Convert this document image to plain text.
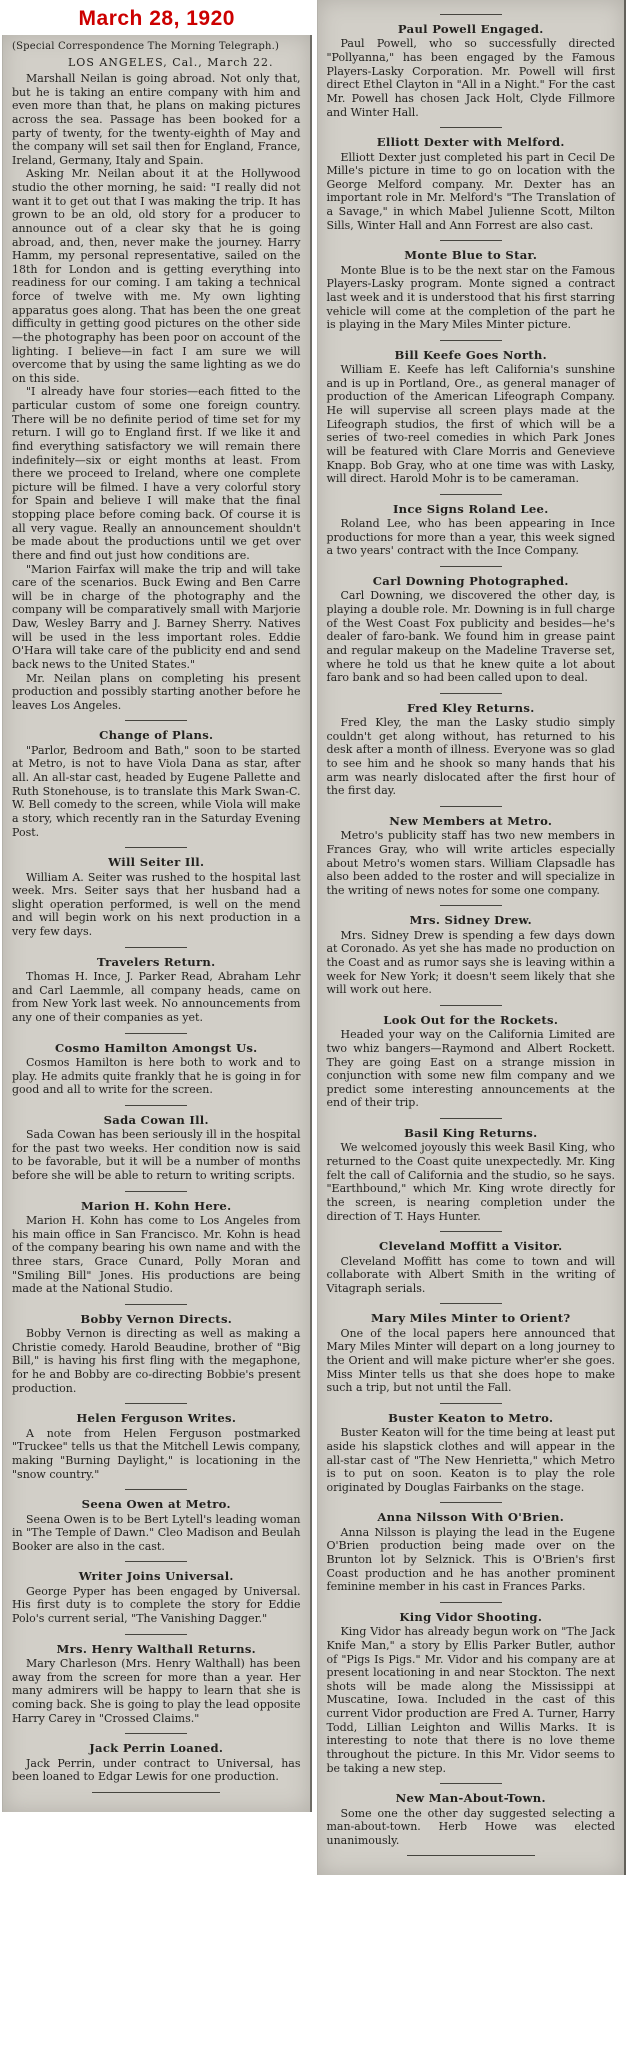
March 28, 1920

(Special Correspondence The Morning Telegraph.)

LOS ANGELES, Cal., March 22.

Marshall Neilan is going abroad. Not only that, but he is taking an entire company with him and even more than that, he plans on making pictures across the sea. Passage has been booked for a party of twenty, for the twenty-eighth of May and the company will set sail then for England, France, Ireland, Germany, Italy and Spain.

Asking Mr. Neilan about it at the Hollywood studio the other morning, he said: "I really did not want it to get out that I was making the trip. It has grown to be an old, old story for a producer to announce out of a clear sky that he is going abroad, and, then, never make the journey. Harry Hamm, my personal representative, sailed on the 18th for London and is getting everything into readiness for our coming. I am taking a technical force of twelve with me. My own lighting apparatus goes along. That has been the one great difficulty in getting good pictures on the other side—the photography has been poor on account of the lighting. I believe—in fact I am sure we will overcome that by using the same lighting as we do on this side.

"I already have four stories—each fitted to the particular custom of some one foreign country. There will be no definite period of time set for my return. I will go to England first. If we like it and find everything satisfactory we will remain there indefinitely—six or eight months at least. From there we proceed to Ireland, where one complete picture will be filmed. I have a very colorful story for Spain and believe I will make that the final stopping place before coming back. Of course it is all very vague. Really an announcement shouldn't be made about the productions until we get over there and find out just how conditions are.

"Marion Fairfax will make the trip and will take care of the scenarios. Buck Ewing and Ben Carre will be in charge of the photography and the company will be comparatively small with Marjorie Daw, Wesley Barry and J. Barney Sherry. Natives will be used in the less important roles. Eddie O'Hara will take care of the publicity end and send back news to the United States."

Mr. Neilan plans on completing his present production and possibly starting another before he leaves Los Angeles.

Change of Plans.

"Parlor, Bedroom and Bath," soon to be started at Metro, is not to have Viola Dana as star, after all. An all-star cast, headed by Eugene Pallette and Ruth Stonehouse, is to translate this Mark Swan-C. W. Bell comedy to the screen, while Viola will make a story, which recently ran in the Saturday Evening Post.

Will Seiter Ill.

William A. Seiter was rushed to the hospital last week. Mrs. Seiter says that her husband had a slight operation performed, is well on the mend and will begin work on his next production in a very few days.

Travelers Return.

Thomas H. Ince, J. Parker Read, Abraham Lehr and Carl Laemmle, all company heads, came on from New York last week. No announcements from any one of their companies as yet.

Cosmo Hamilton Amongst Us.

Cosmos Hamilton is here both to work and to play. He admits quite frankly that he is going in for good and all to write for the screen.

Sada Cowan Ill.

Sada Cowan has been seriously ill in the hospital for the past two weeks. Her condition now is said to be favorable, but it will be a number of months before she will be able to return to writing scripts.

Marion H. Kohn Here.

Marion H. Kohn has come to Los Angeles from his main office in San Francisco. Mr. Kohn is head of the company bearing his own name and with the three stars, Grace Cunard, Polly Moran and "Smiling Bill" Jones. His productions are being made at the National Studio.

Bobby Vernon Directs.

Bobby Vernon is directing as well as making a Christie comedy. Harold Beaudine, brother of "Big Bill," is having his first fling with the megaphone, for he and Bobby are co-directing Bobbie's present production.

Helen Ferguson Writes.

A note from Helen Ferguson postmarked "Truckee" tells us that the Mitchell Lewis company, making "Burning Daylight," is locationing in the "snow country."

Seena Owen at Metro.

Seena Owen is to be Bert Lytell's leading woman in "The Temple of Dawn." Cleo Madison and Beulah Booker are also in the cast.

Writer Joins Universal.

George Pyper has been engaged by Universal. His first duty is to complete the story for Eddie Polo's current serial, "The Vanishing Dagger."

Mrs. Henry Walthall Returns.

Mary Charleson (Mrs. Henry Walthall) has been away from the screen for more than a year. Her many admirers will be happy to learn that she is coming back. She is going to play the lead opposite Harry Carey in "Crossed Claims."

Jack Perrin Loaned.

Jack Perrin, under contract to Universal, has been loaned to Edgar Lewis for one production.

Paul Powell Engaged.

Paul Powell, who so successfully directed "Pollyanna," has been engaged by the Famous Players-Lasky Corporation. Mr. Powell will first direct Ethel Clayton in "All in a Night." For the cast Mr. Powell has chosen Jack Holt, Clyde Fillmore and Winter Hall.

Elliott Dexter with Melford.

Elliott Dexter just completed his part in Cecil De Mille's picture in time to go on location with the George Melford company. Mr. Dexter has an important role in Mr. Melford's "The Translation of a Savage," in which Mabel Julienne Scott, Milton Sills, Winter Hall and Ann Forrest are also cast.

Monte Blue to Star.

Monte Blue is to be the next star on the Famous Players-Lasky program. Monte signed a contract last week and it is understood that his first starring vehicle will come at the completion of the part he is playing in the Mary Miles Minter picture.

Bill Keefe Goes North.

William E. Keefe has left California's sunshine and is up in Portland, Ore., as general manager of production of the American Lifeograph Company. He will supervise all screen plays made at the Lifeograph studios, the first of which will be a series of two-reel comedies in which Park Jones will be featured with Clare Morris and Genevieve Knapp. Bob Gray, who at one time was with Lasky, will direct. Harold Mohr is to be cameraman.

Ince Signs Roland Lee.

Roland Lee, who has been appearing in Ince productions for more than a year, this week signed a two years' contract with the Ince Company.

Carl Downing Photographed.

Carl Downing, we discovered the other day, is playing a double role. Mr. Downing is in full charge of the West Coast Fox publicity and besides—he's dealer of faro-bank. We found him in grease paint and regular makeup on the Madeline Traverse set, where he told us that he knew quite a lot about faro bank and so had been called upon to deal.

Fred Kley Returns.

Fred Kley, the man the Lasky studio simply couldn't get along without, has returned to his desk after a month of illness. Everyone was so glad to see him and he shook so many hands that his arm was nearly dislocated after the first hour of the first day.

New Members at Metro.

Metro's publicity staff has two new members in Frances Gray, who will write articles especially about Metro's women stars. William Clapsadle has also been added to the roster and will specialize in the writing of news notes for some one company.

Mrs. Sidney Drew.

Mrs. Sidney Drew is spending a few days down at Coronado. As yet she has made no production on the Coast and as rumor says she is leaving within a week for New York; it doesn't seem likely that she will work out here.

Look Out for the Rockets.

Headed your way on the California Limited are two whiz bangers—Raymond and Albert Rockett. They are going East on a strange mission in conjunction with some new film company and we predict some interesting announcements at the end of their trip.

Basil King Returns.

We welcomed joyously this week Basil King, who returned to the Coast quite unexpectedly. Mr. King felt the call of California and the studio, so he says. "Earthbound," which Mr. King wrote directly for the screen, is nearing completion under the direction of T. Hays Hunter.

Cleveland Moffitt a Visitor.

Cleveland Moffitt has come to town and will collaborate with Albert Smith in the writing of Vitagraph serials.

Mary Miles Minter to Orient?

One of the local papers here announced that Mary Miles Minter will depart on a long journey to the Orient and will make picture wher'er she goes. Miss Minter tells us that she does hope to make such a trip, but not until the Fall.

Buster Keaton to Metro.

Buster Keaton will for the time being at least put aside his slapstick clothes and will appear in the all-star cast of "The New Henrietta," which Metro is to put on soon. Keaton is to play the role originated by Douglas Fairbanks on the stage.

Anna Nilsson With O'Brien.

Anna Nilsson is playing the lead in the Eugene O'Brien production being made over on the Brunton lot by Selznick. This is O'Brien's first Coast production and he has another prominent feminine member in his cast in Frances Parks.

King Vidor Shooting.

King Vidor has already begun work on "The Jack Knife Man," a story by Ellis Parker Butler, author of "Pigs Is Pigs." Mr. Vidor and his company are at present locationing in and near Stockton. The next shots will be made along the Mississippi at Muscatine, Iowa. Included in the cast of this current Vidor production are Fred A. Turner, Harry Todd, Lillian Leighton and Willis Marks. It is interesting to note that there is no love theme throughout the picture. In this Mr. Vidor seems to be taking a new step.

New Man-About-Town.

Some one the other day suggested selecting a man-about-town. Herb Howe was elected unanimously.
